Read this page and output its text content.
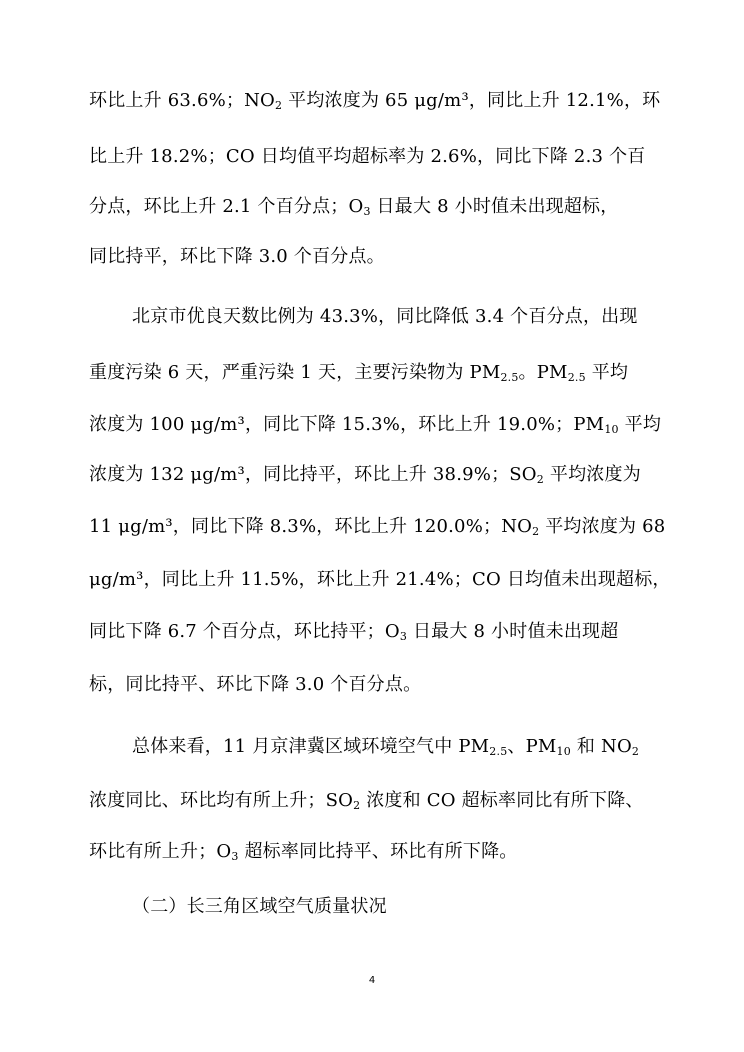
环比上升 63.6%；$NO_2$ 平均浓度为 65 μg/m³，同比上升 12.1%，环
比上升 18.2%；CO 日均值平均超标率为 2.6%，同比下降 2.3 个百
分点，环比上升 2.1 个百分点；$O_3$ 日最大 8 小时值未出现超标，
同比持平，环比下降 3.0 个百分点。
北京市优良天数比例为 43.3%，同比降低 3.4 个百分点，出现
重度污染 6 天，严重污染 1 天，主要污染物为 $PM_{2.5}$。$PM_{2.5}$ 平均
浓度为 100 μg/m³，同比下降 15.3%，环比上升 19.0%；$PM_{10}$ 平均
浓度为 132 μg/m³，同比持平，环比上升 38.9%；$SO_2$ 平均浓度为
11 μg/m³，同比下降 8.3%，环比上升 120.0%；$NO_2$ 平均浓度为 68
μg/m³，同比上升 11.5%，环比上升 21.4%；CO 日均值未出现超标，
同比下降 6.7 个百分点，环比持平；$O_3$ 日最大 8 小时值未出现超
标，同比持平、环比下降 3.0 个百分点。
总体来看，11 月京津冀区域环境空气中 $PM_{2.5}$、$PM_{10}$ 和 $NO_2$
浓度同比、环比均有所上升；$SO_2$ 浓度和 CO 超标率同比有所下降、
环比有所上升；$O_3$ 超标率同比持平、环比有所下降。
（二）长三角区域空气质量状况
4
